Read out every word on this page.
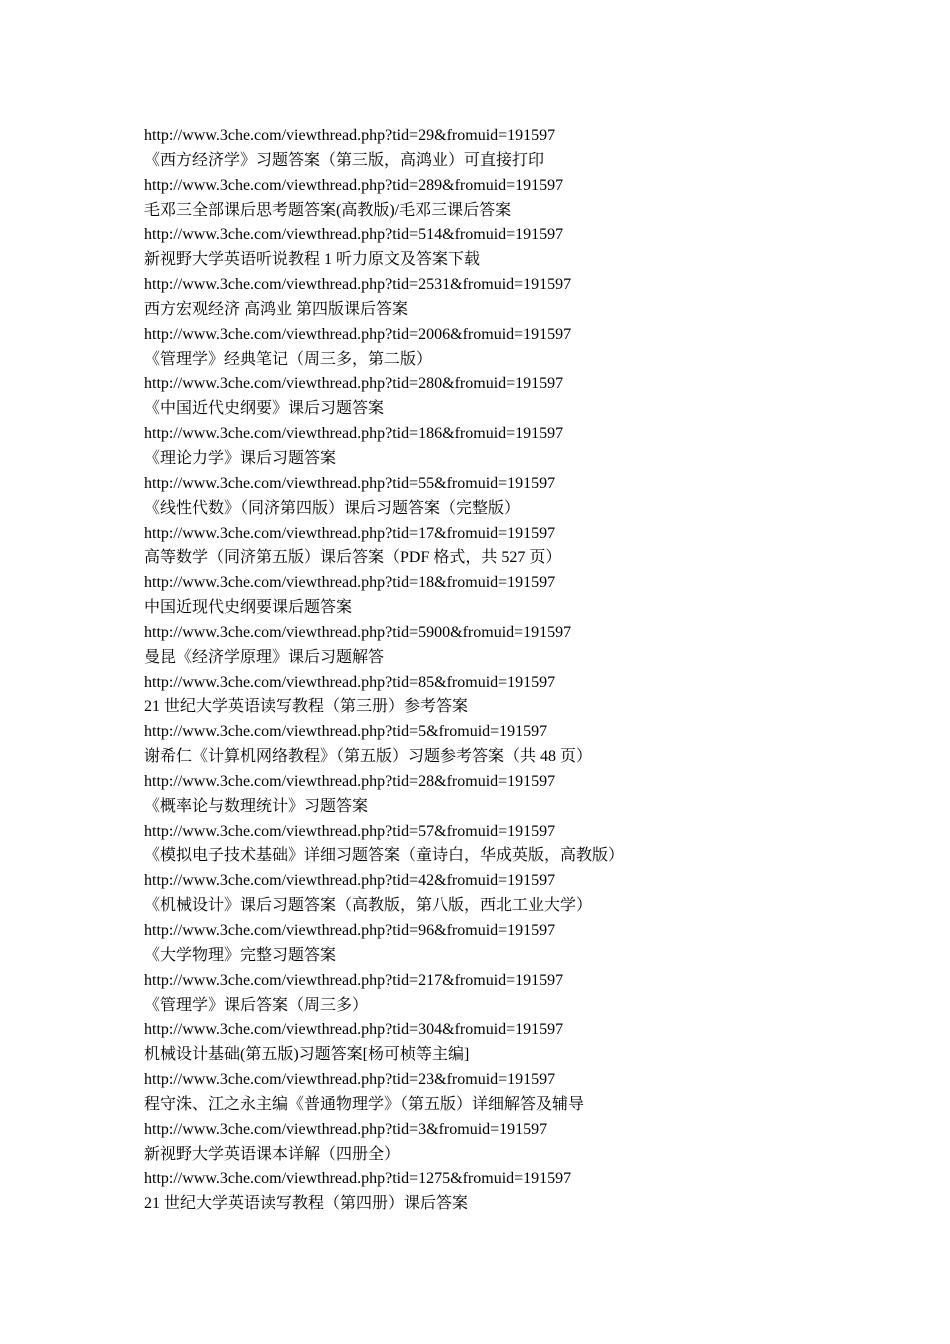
http://www.3che.com/viewthread.php?tid=29&fromuid=191597
《西方经济学》习题答案（第三版，高鸿业）可直接打印
http://www.3che.com/viewthread.php?tid=289&fromuid=191597
毛邓三全部课后思考题答案(高教版)/毛邓三课后答案
http://www.3che.com/viewthread.php?tid=514&fromuid=191597
新视野大学英语听说教程 1 听力原文及答案下载
http://www.3che.com/viewthread.php?tid=2531&fromuid=191597
西方宏观经济 高鸿业 第四版课后答案
http://www.3che.com/viewthread.php?tid=2006&fromuid=191597
《管理学》经典笔记（周三多，第二版）
http://www.3che.com/viewthread.php?tid=280&fromuid=191597
《中国近代史纲要》课后习题答案
http://www.3che.com/viewthread.php?tid=186&fromuid=191597
《理论力学》课后习题答案
http://www.3che.com/viewthread.php?tid=55&fromuid=191597
《线性代数》（同济第四版）课后习题答案（完整版）
http://www.3che.com/viewthread.php?tid=17&fromuid=191597
高等数学（同济第五版）课后答案（PDF 格式，共 527 页）
http://www.3che.com/viewthread.php?tid=18&fromuid=191597
中国近现代史纲要课后题答案
http://www.3che.com/viewthread.php?tid=5900&fromuid=191597
曼昆《经济学原理》课后习题解答
http://www.3che.com/viewthread.php?tid=85&fromuid=191597
21 世纪大学英语读写教程（第三册）参考答案
http://www.3che.com/viewthread.php?tid=5&fromuid=191597
谢希仁《计算机网络教程》（第五版）习题参考答案（共 48 页）
http://www.3che.com/viewthread.php?tid=28&fromuid=191597
《概率论与数理统计》习题答案
http://www.3che.com/viewthread.php?tid=57&fromuid=191597
《模拟电子技术基础》详细习题答案（童诗白，华成英版，高教版）
http://www.3che.com/viewthread.php?tid=42&fromuid=191597
《机械设计》课后习题答案（高教版，第八版，西北工业大学）
http://www.3che.com/viewthread.php?tid=96&fromuid=191597
《大学物理》完整习题答案
http://www.3che.com/viewthread.php?tid=217&fromuid=191597
《管理学》课后答案（周三多）
http://www.3che.com/viewthread.php?tid=304&fromuid=191597
机械设计基础(第五版)习题答案[杨可桢等主编]
http://www.3che.com/viewthread.php?tid=23&fromuid=191597
程守洙、江之永主编《普通物理学》（第五版）详细解答及辅导
http://www.3che.com/viewthread.php?tid=3&fromuid=191597
新视野大学英语课本详解（四册全）
http://www.3che.com/viewthread.php?tid=1275&fromuid=191597
21 世纪大学英语读写教程（第四册）课后答案
